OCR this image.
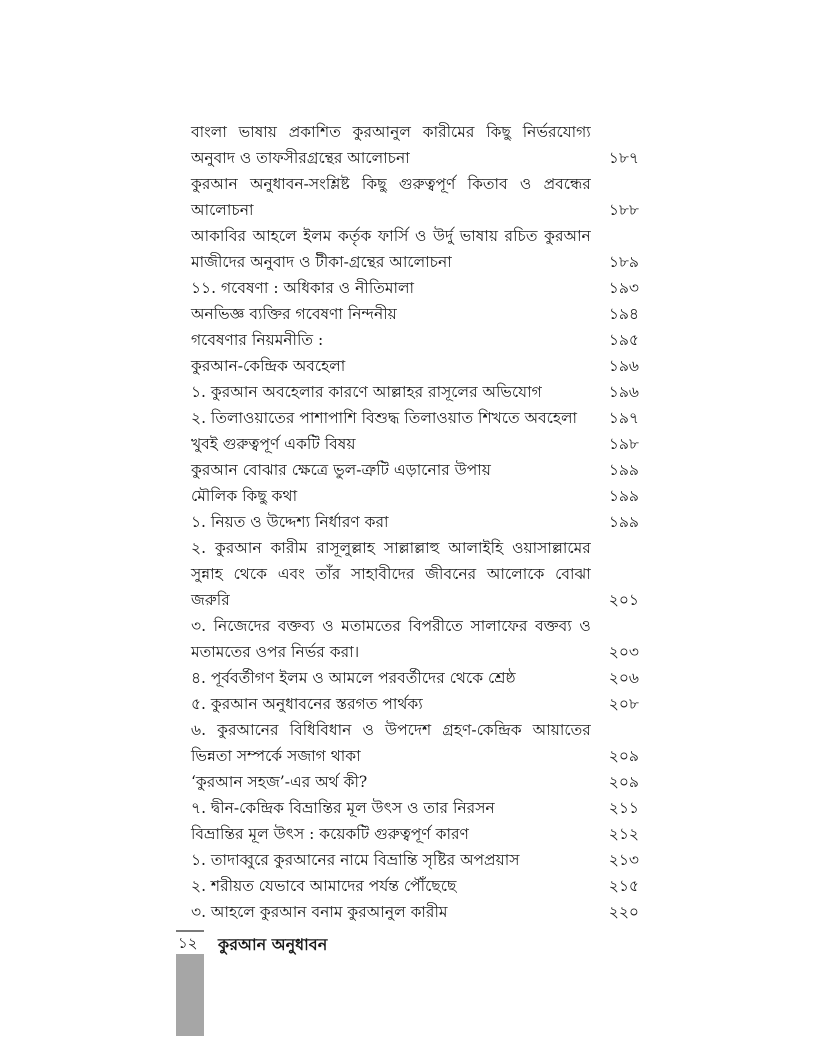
বাংলা ভাষায় প্রকাশিত কুরআনুল কারীমের কিছু নির্ভরযোগ্য অনুবাদ ও তাফসীরগ্রন্থের আলোচনা	১৮৭
কুরআন অনুধাবন-সংশ্লিষ্ট কিছু গুরুত্বপূর্ণ কিতাব ও প্রবন্ধের আলোচনা	১৮৮
আকাবির আহলে ইলম কর্তৃক ফার্সি ও উর্দু ভাষায় রচিত কুরআন মাজীদের অনুবাদ ও টীকা-গ্রন্থের আলোচনা	১৮৯
১১. গবেষণা : অধিকার ও নীতিমালা	১৯৩
অনভিজ্ঞ ব্যক্তির গবেষণা নিন্দনীয়	১৯৪
গবেষণার নিয়মনীতি :	১৯৫
কুরআন-কেন্দ্রিক অবহেলা	১৯৬
১. কুরআন অবহেলার কারণে আল্লাহর রাসূলের অভিযোগ	১৯৬
২. তিলাওয়াতের পাশাপাশি বিশুদ্ধ তিলাওয়াত শিখতে অবহেলা	১৯৭
খুবই গুরুত্বপূর্ণ একটি বিষয়	১৯৮
কুরআন বোঝার ক্ষেত্রে ভুল-ত্রুটি এড়ানোর উপায়	১৯৯
মৌলিক কিছু কথা	১৯৯
১. নিয়ত ও উদ্দেশ্য নির্ধারণ করা	১৯৯
২. কুরআন কারীম রাসূলুল্লাহ সাল্লাল্লাহু আলাইহি ওয়াসাল্লামের সুন্নাহ থেকে এবং তাঁর সাহাবীদের জীবনের আলোকে বোঝা জরুরি	২০১
৩. নিজেদের বক্তব্য ও মতামতের বিপরীতে সালাফের বক্তব্য ও মতামতের ওপর নির্ভর করা।	২০৩
৪. পূর্ববর্তীগণ ইলম ও আমলে পরবর্তীদের থেকে শ্রেষ্ঠ	২০৬
৫. কুরআন অনুধাবনের স্তরগত পার্থক্য	২০৮
৬. কুরআনের বিধিবিধান ও উপদেশ গ্রহণ-কেন্দ্রিক আয়াতের ভিন্নতা সম্পর্কে সজাগ থাকা	২০৯
‘কুরআন সহজ’-এর অর্থ কী?	২০৯
৭. দ্বীন-কেন্দ্রিক বিভ্রান্তির মূল উৎস ও তার নিরসন	২১১
বিভ্রান্তির মূল উৎস : কয়েকটি গুরুত্বপূর্ণ কারণ	২১২
১. তাদাব্বুরে কুরআনের নামে বিভ্রান্তি সৃষ্টির অপপ্রয়াস	২১৩
২. শরীয়ত যেভাবে আমাদের পর্যন্ত পৌঁছেছে	২১৫
৩. আহলে কুরআন বনাম কুরআনুল কারীম	২২০
১২ কুরআন অনুধাবন
